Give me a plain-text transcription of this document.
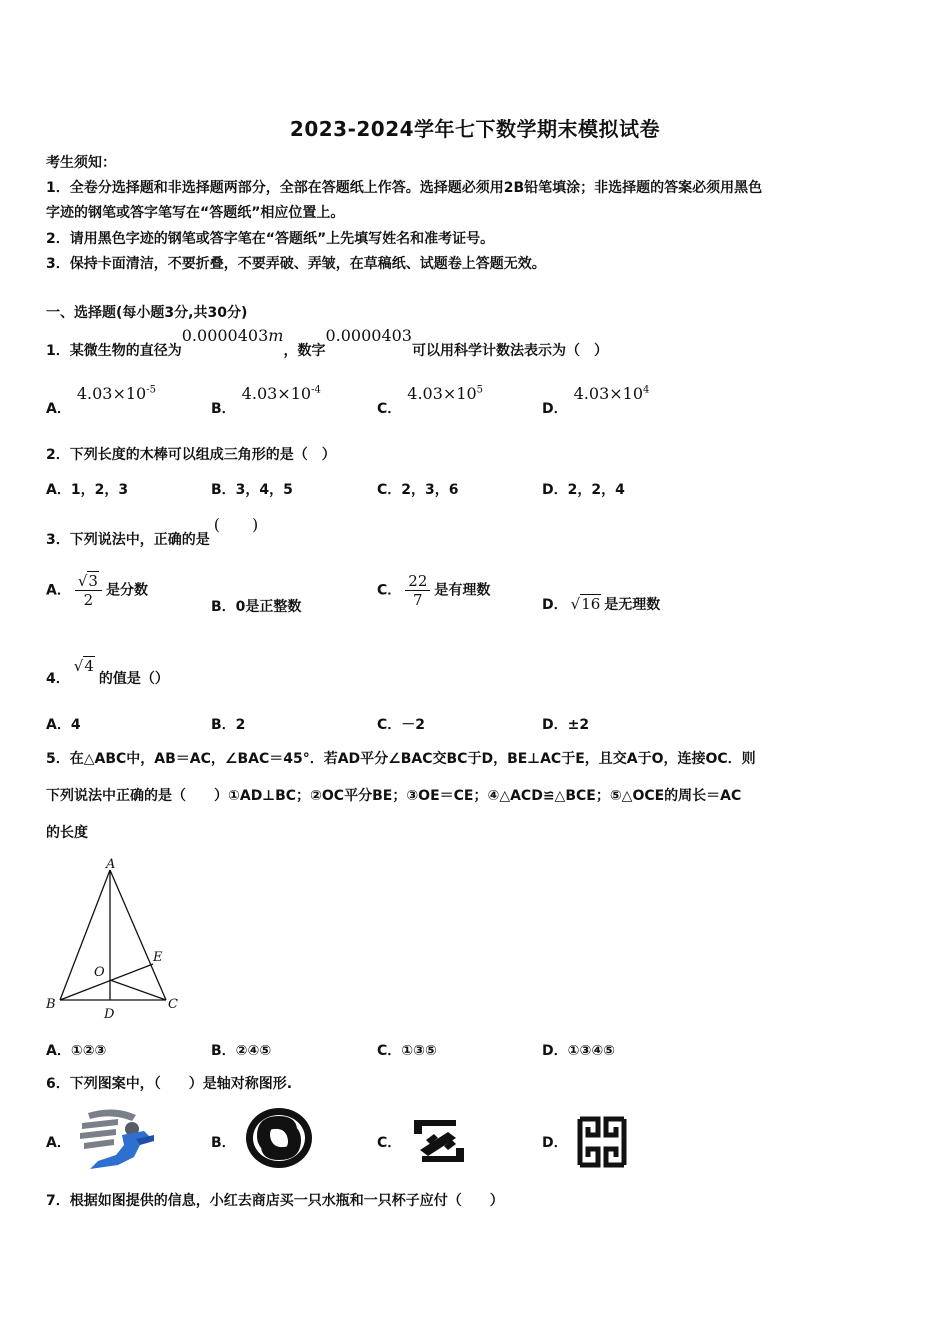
2023-2024学年七下数学期末模拟试卷
考生须知：
1．全卷分选择题和非选择题两部分，全部在答题纸上作答。选择题必须用2B铅笔填涂；非选择题的答案必须用黑色
字迹的钢笔或答字笔写在“答题纸”相应位置上。
2．请用黑色字迹的钢笔或答字笔在“答题纸”上先填写姓名和准考证号。
3．保持卡面清洁，不要折叠，不要弄破、弄皱，在草稿纸、试题卷上答题无效。
一、选择题(每小题3分,共30分)
1．某微生物的直径为0.0000403m，数字0.0000403可以用科学计数法表示为（　）
A．$4.03\times 10^{-5}$
B．$4.03\times 10^{-4}$
C．$4.03\times 10^5$
D．$4.03\times 10^4$
2．下列长度的木棒可以组成三角形的是（　）
A．1，2，3	B．3，4，5	C．2，3，6	D．2，2，4
3．下列说法中，正确的是(　　)
A． $\frac{√3}{2}$ 是分数
B．0是正整数
C． $\frac{22}{7}$ 是有理数
D． √16 是无理数
4．√4的值是（）
A．4	B．2	C．－2	D．±2
5．在△ABC中，AB＝AC，∠BAC＝45°．若AD平分∠BAC交BC于D，BE⊥AC于E，且交A于O，连接OC．则
下列说法中正确的是（　　）①AD⊥BC；②OC平分BE；③OE＝CE；④△ACD≌△BCE；⑤△OCE的周长＝AC
的长度
A
B	C
D
E
O
A．①②③	B．②④⑤	C．①③⑤	D．①③④⑤
6．下列图案中，（　　）是轴对称图形.
A．	B．	C．	D．
7．根据如图提供的信息，小红去商店买一只水瓶和一只杯子应付（　　）
